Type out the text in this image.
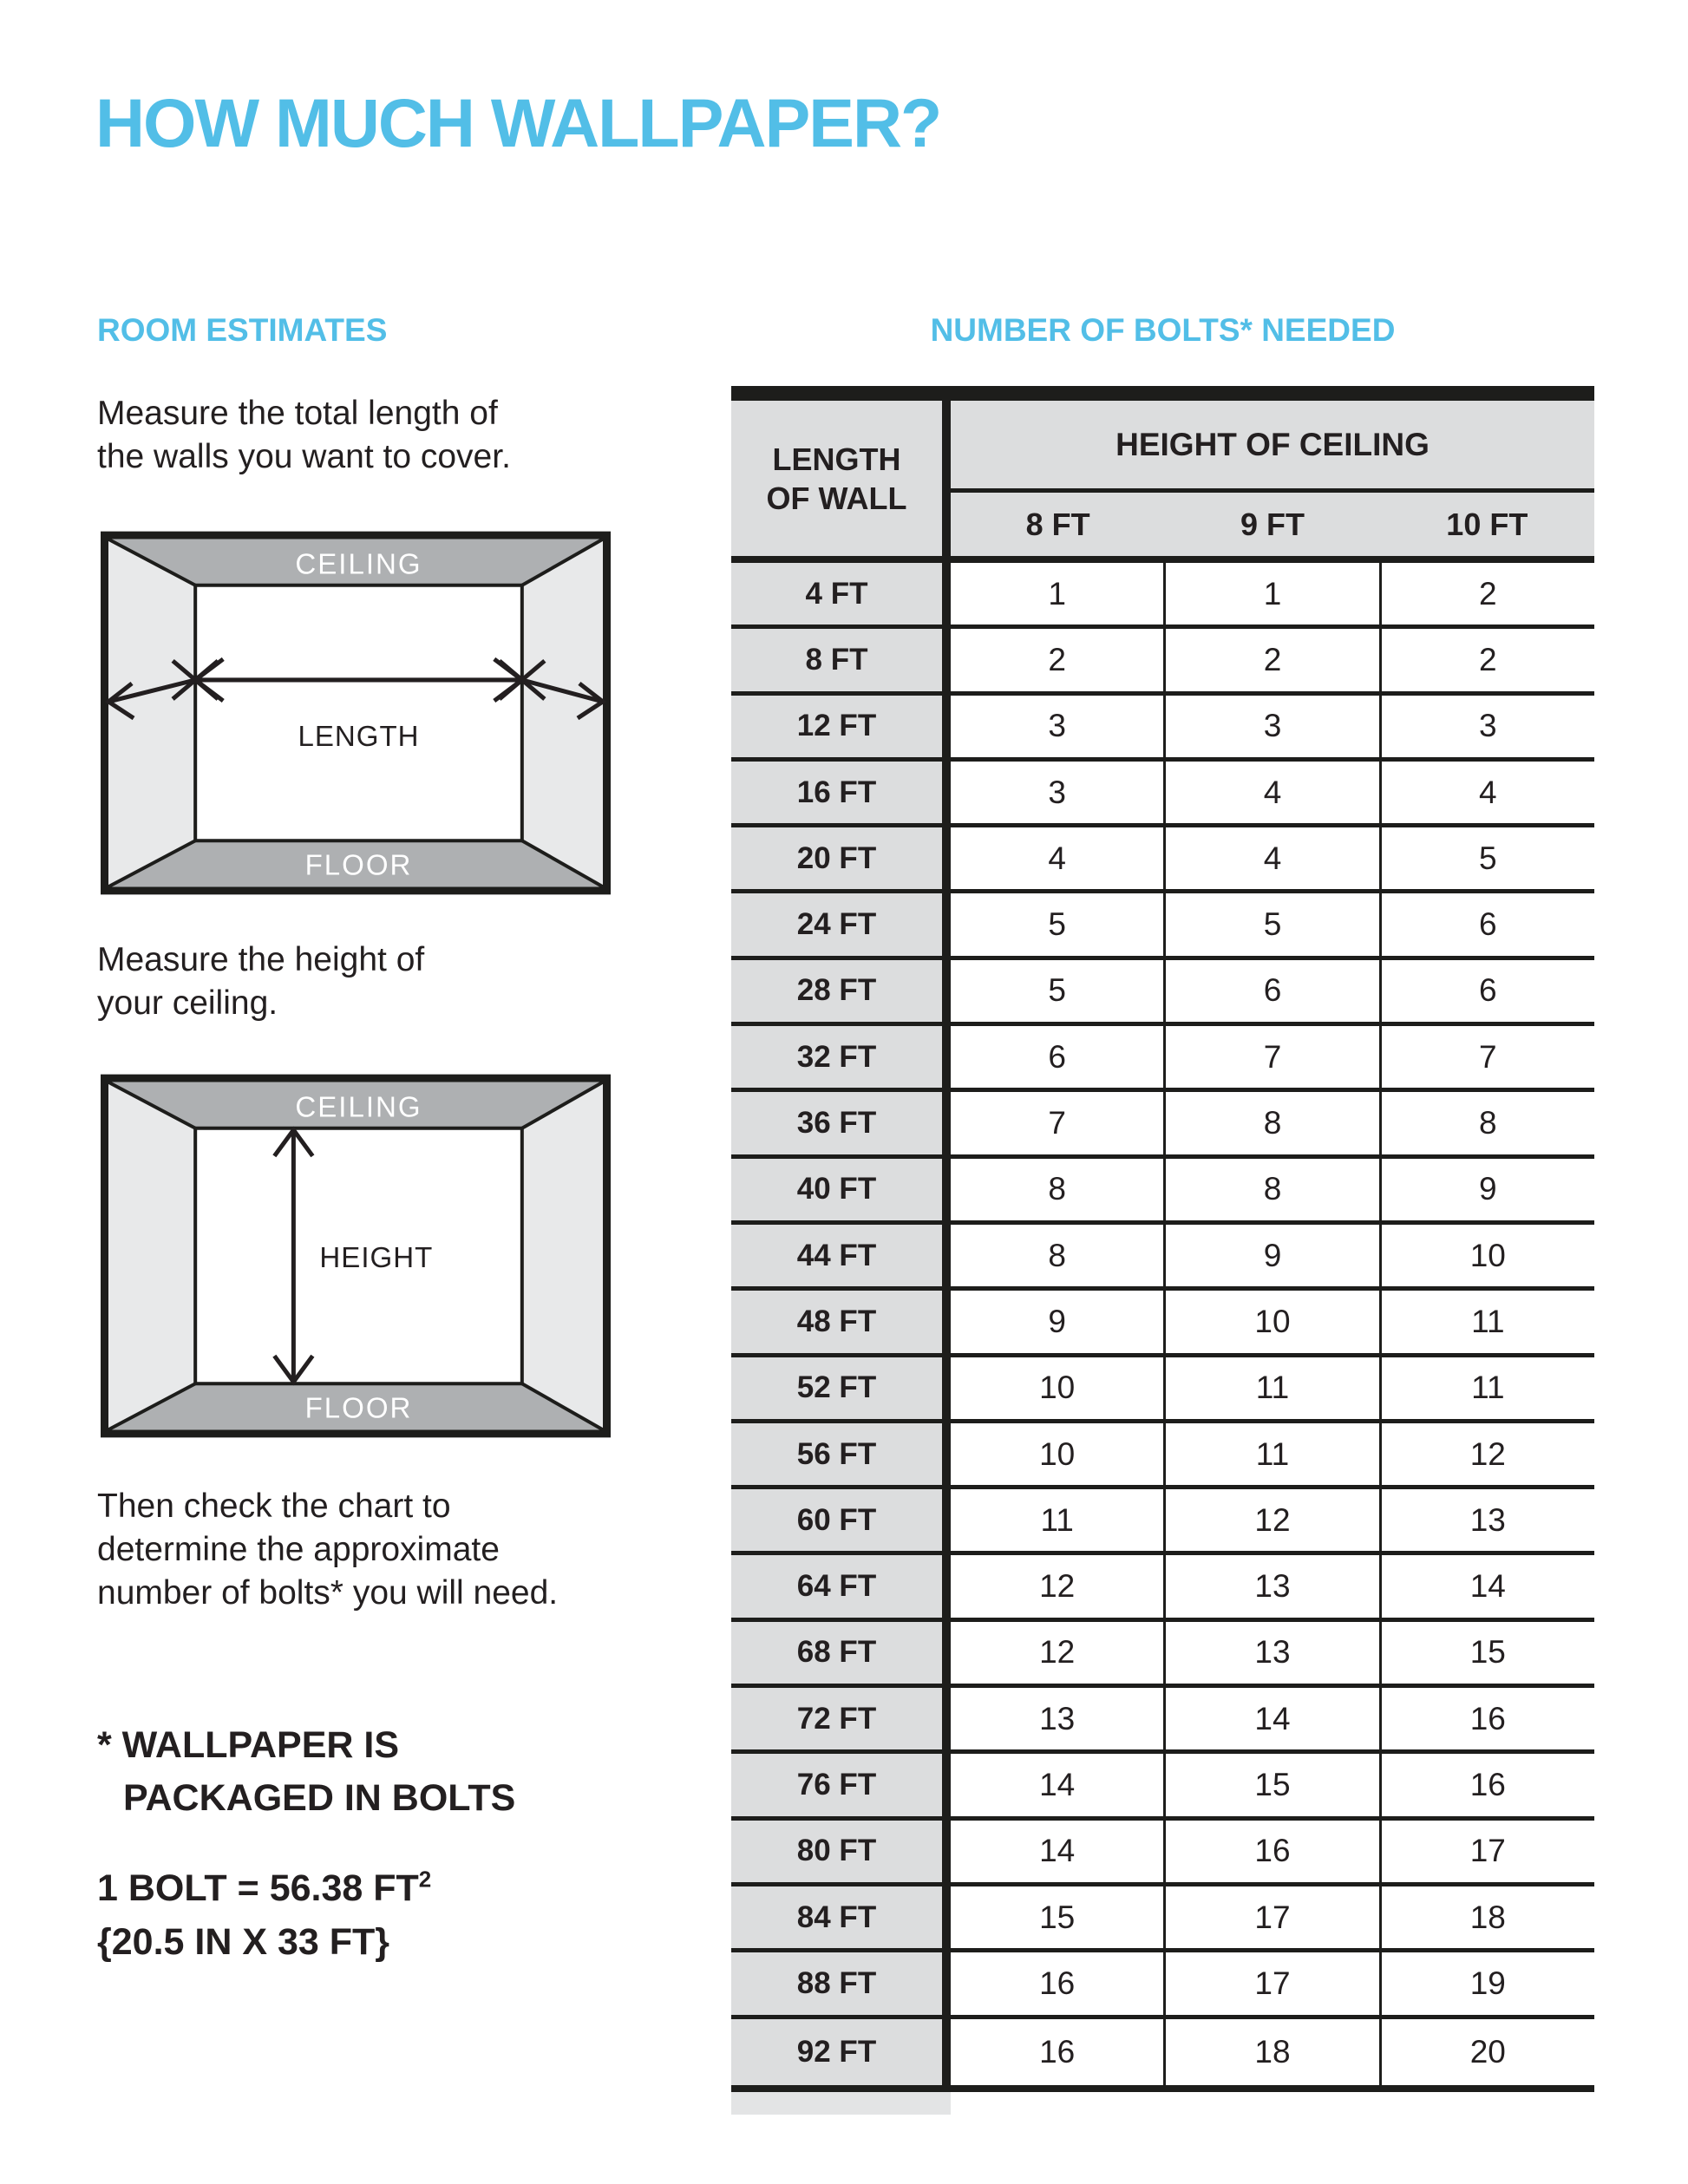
HOW MUCH WALLPAPER?
ROOM ESTIMATES	NUMBER OF BOLTS* NEEDED

Measure the total length of
the walls you want to cover.

CEILING
FLOOR
LENGTH

Measure the height of
your ceiling.

CEILING
FLOOR
HEIGHT

Then check the chart to
determine the approximate
number of bolts* you will need.

* WALLPAPER IS
PACKAGED IN BOLTS

1 BOLT = 56.38 $FT^2$
{20.5 IN X 33 FT}

LENGTH
OF WALL
HEIGHT OF CEILING
8 FT	9 FT	10 FT
4 FT	1	1	2
8 FT	2	2	2
12 FT	3	3	3
16 FT	3	4	4
20 FT	4	4	5
24 FT	5	5	6
28 FT	5	6	6
32 FT	6	7	7
36 FT	7	8	8
40 FT	8	8	9
44 FT	8	9	10
48 FT	9	10	11
52 FT	10	11	11
56 FT	10	11	12
60 FT	11	12	13
64 FT	12	13	14
68 FT	12	13	15
72 FT	13	14	16
76 FT	14	15	16
80 FT	14	16	17
84 FT	15	17	18
88 FT	16	17	19
92 FT	16	18	20
